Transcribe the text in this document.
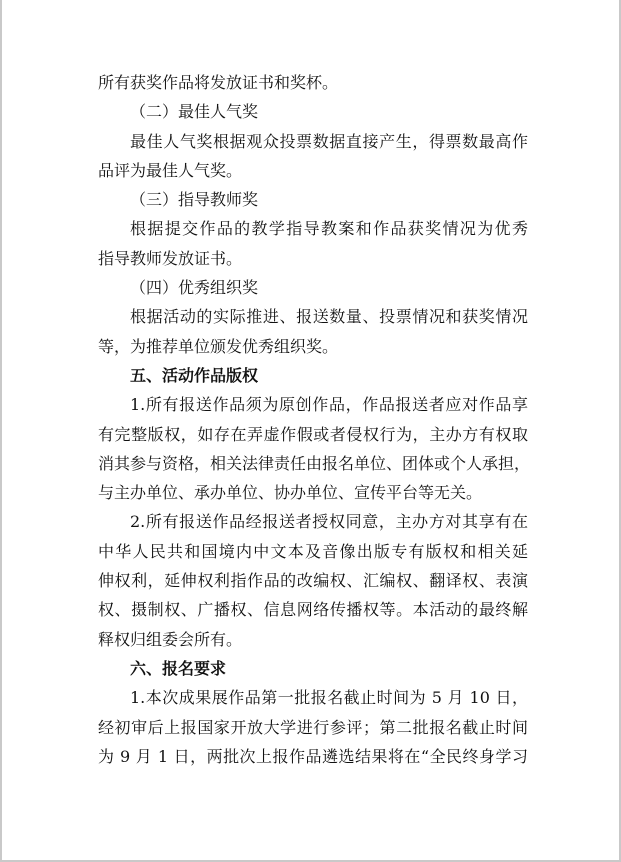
所有获奖作品将发放证书和奖杯。
（二）最佳人气奖
最佳人气奖根据观众投票数据直接产生，得票数最高作
品评为最佳人气奖。
（三）指导教师奖
根据提交作品的教学指导教案和作品获奖情况为优秀
指导教师发放证书。
（四）优秀组织奖
根据活动的实际推进、报送数量、投票情况和获奖情况
等，为推荐单位颁发优秀组织奖。
五、活动作品版权
1.所有报送作品须为原创作品，作品报送者应对作品享
有完整版权，如存在弄虚作假或者侵权行为，主办方有权取
消其参与资格，相关法律责任由报名单位、团体或个人承担，
与主办单位、承办单位、协办单位、宣传平台等无关。
2.所有报送作品经报送者授权同意，主办方对其享有在
中华人民共和国境内中文本及音像出版专有版权和相关延
伸权利，延伸权利指作品的改编权、汇编权、翻译权、表演
权、摄制权、广播权、信息网络传播权等。本活动的最终解
释权归组委会所有。
六、报名要求
1.本次成果展作品第一批报名截止时间为 5 月 10 日，
经初审后上报国家开放大学进行参评；第二批报名截止时间
为 9 月 1 日，两批次上报作品遴选结果将在“全民终身学习
